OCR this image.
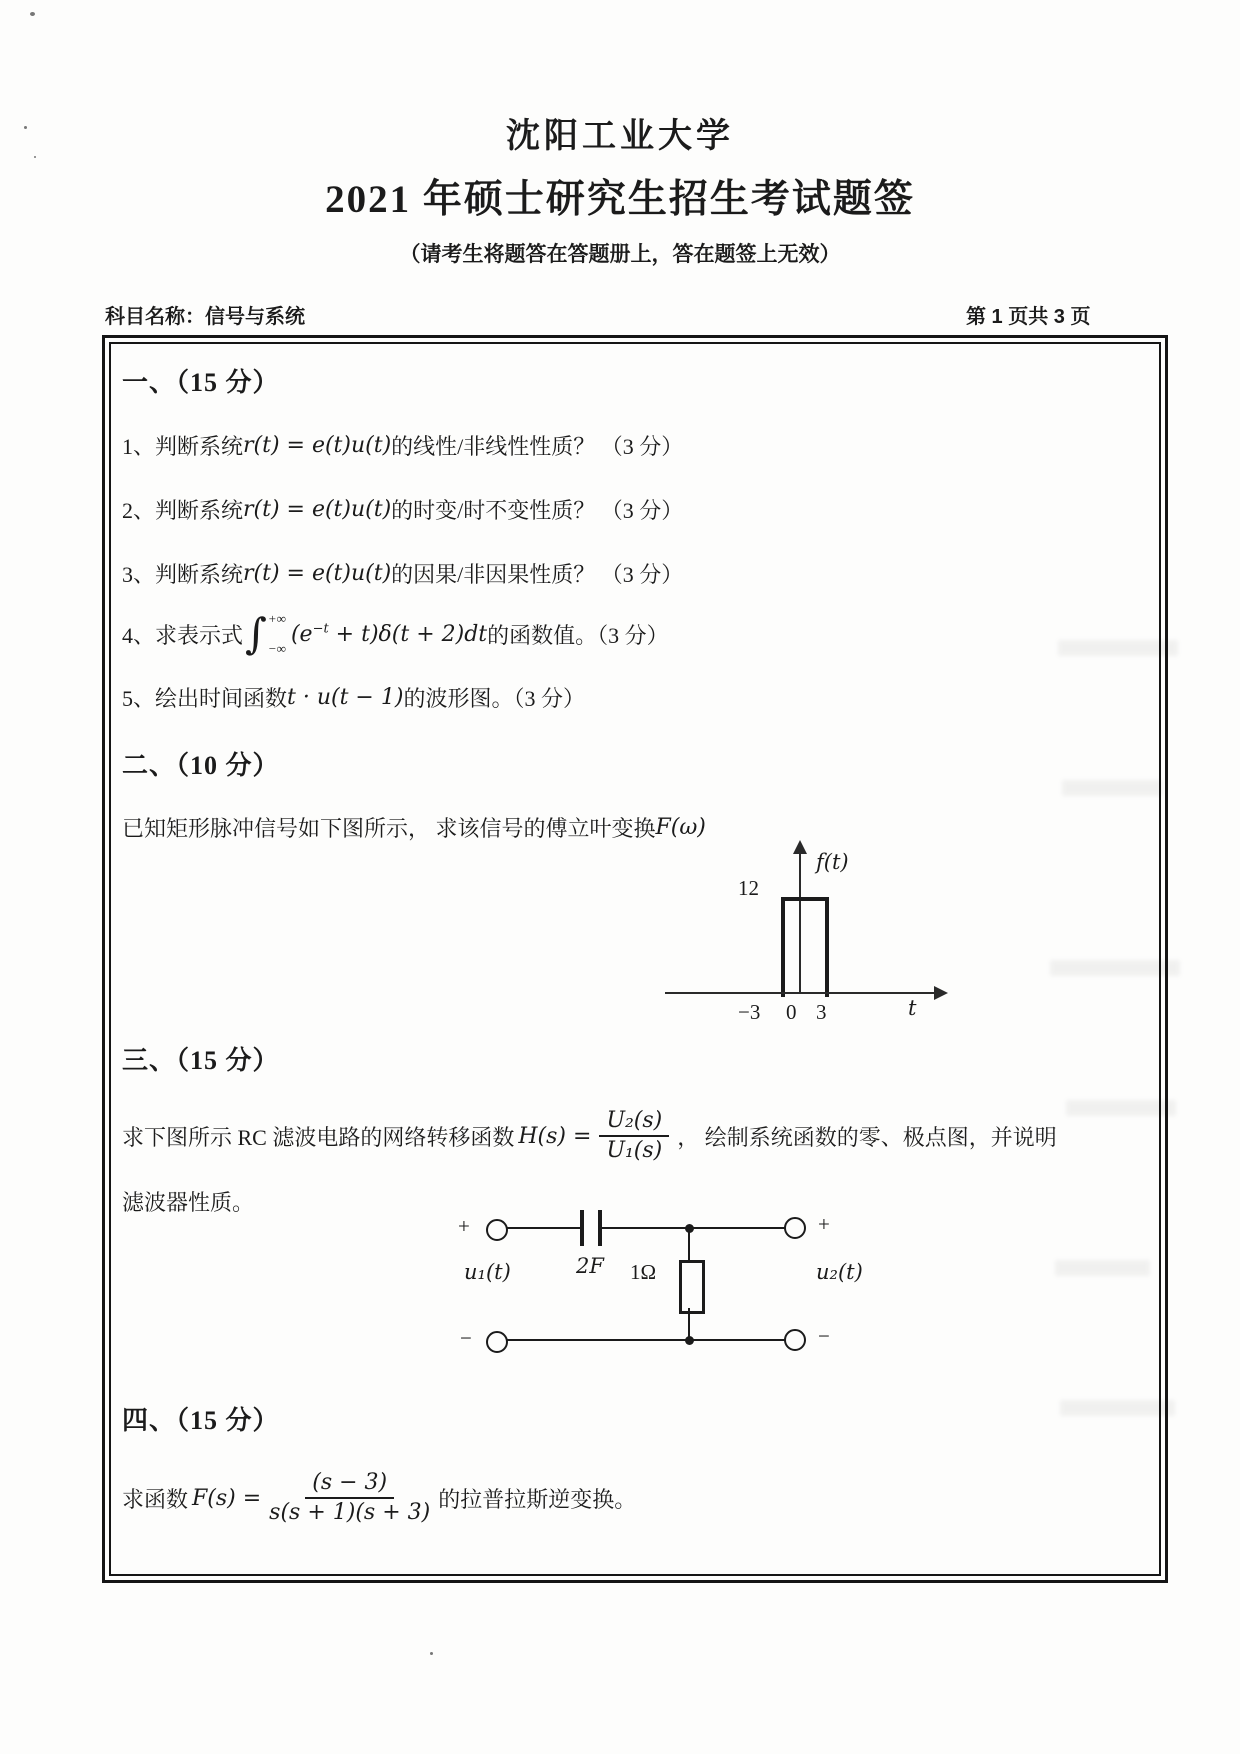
沈阳工业大学
2021 年硕士研究生招生考试题签
（请考生将题答在答题册上，答在题签上无效）
科目名称：信号与系统	第 1 页共 3 页
一、（15 分）
1、判断系统 r(t) = e(t)u(t) 的线性/非线性性质？ （3 分）
2、判断系统 r(t) = e(t)u(t) 的时变/时不变性质？ （3 分）
3、判断系统 r(t) = e(t)u(t) 的因果/非因果性质？ （3 分）
4、求表示式 ∫ +∞
−∞
$(e^{-t} + t)\delta(t + 2)dt$ 的函数值。（3 分）
5、绘出时间函数 t · u(t − 1) 的波形图。（3 分）
二、（10 分）
已知矩形脉冲信号如下图所示， 求该信号的傅立叶变换 F(ω)
f(t)
12
−3 0 3	t
三、（15 分）
求下图所示 RC 滤波电路的网络转移函数 $H(s) = \frac{\text{U₂(s)}}{\text{U₁(s)}}$ ， 绘制系统函数的零、极点图，并说明
滤波器性质。
+
−
+
−
u₁(t)	2F 1Ω	u₂(t)
四、（15 分）
求函数 $F(s) = \frac{(s - 3)}{s(s + 1)(s + 3)}$ 的拉普拉斯逆变换。
